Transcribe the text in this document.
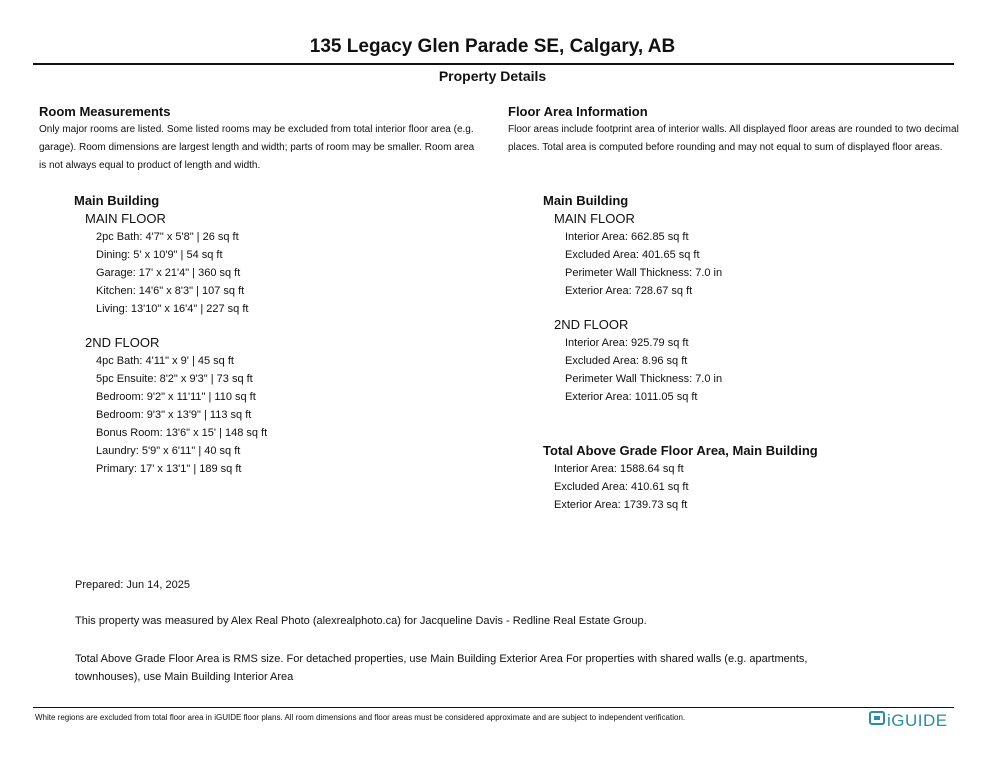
135 Legacy Glen Parade SE, Calgary, AB
Property Details
Room Measurements
Only major rooms are listed. Some listed rooms may be excluded from total interior floor area (e.g. garage). Room dimensions are largest length and width; parts of room may be smaller. Room area is not always equal to product of length and width.
Main Building
MAIN FLOOR
2pc Bath: 4'7" x 5'8" | 26 sq ft
Dining: 5' x 10'9" | 54 sq ft
Garage: 17' x 21'4" | 360 sq ft
Kitchen: 14'6" x 8'3" | 107 sq ft
Living: 13'10" x 16'4" | 227 sq ft
2ND FLOOR
4pc Bath: 4'11" x 9' | 45 sq ft
5pc Ensuite: 8'2" x 9'3" | 73 sq ft
Bedroom: 9'2" x 11'11" | 110 sq ft
Bedroom: 9'3" x 13'9" | 113 sq ft
Bonus Room: 13'6" x 15' | 148 sq ft
Laundry: 5'9" x 6'11" | 40 sq ft
Primary: 17' x 13'1" | 189 sq ft
Floor Area Information
Floor areas include footprint area of interior walls. All displayed floor areas are rounded to two decimal places. Total area is computed before rounding and may not equal to sum of displayed floor areas.
Main Building
MAIN FLOOR
Interior Area: 662.85 sq ft
Excluded Area: 401.65 sq ft
Perimeter Wall Thickness: 7.0 in
Exterior Area: 728.67 sq ft
2ND FLOOR
Interior Area: 925.79 sq ft
Excluded Area: 8.96 sq ft
Perimeter Wall Thickness: 7.0 in
Exterior Area: 1011.05 sq ft
Total Above Grade Floor Area, Main Building
Interior Area: 1588.64 sq ft
Excluded Area: 410.61 sq ft
Exterior Area: 1739.73 sq ft
Prepared: Jun 14, 2025
This property was measured by Alex Real Photo (alexrealphoto.ca) for Jacqueline Davis - Redline Real Estate Group.
Total Above Grade Floor Area is RMS size. For detached properties, use Main Building Exterior Area For properties with shared walls (e.g. apartments, townhouses), use Main Building Interior Area
White regions are excluded from total floor area in iGUIDE floor plans. All room dimensions and floor areas must be considered approximate and are subject to independent verification.	iGUIDE
